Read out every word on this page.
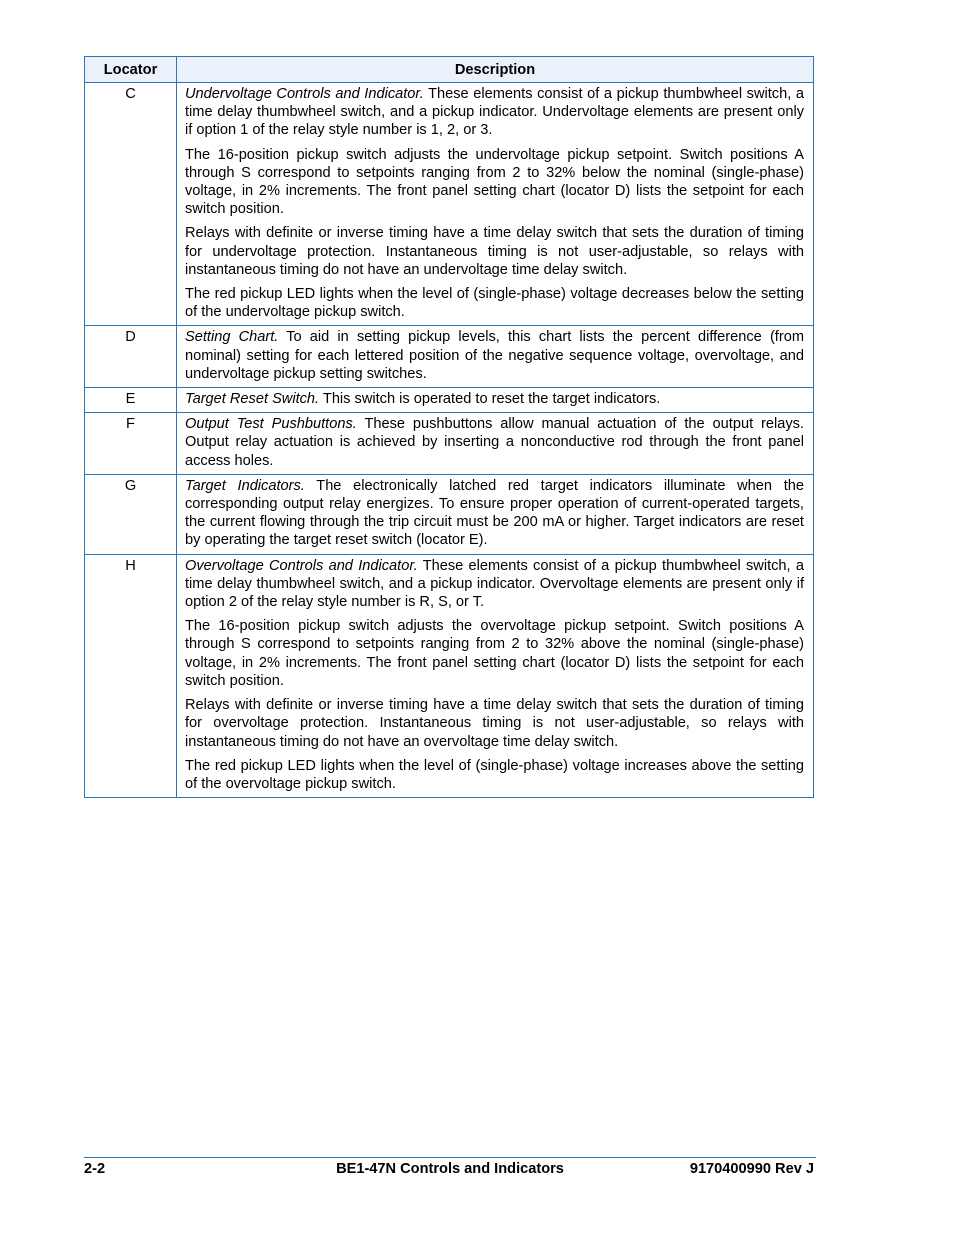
Locator	Description
C	Undervoltage Controls and Indicator. These elements consist of a pickup thumbwheel switch, a time delay thumbwheel switch, and a pickup indicator. Undervoltage elements are present only if option 1 of the relay style number is 1, 2, or 3.

The 16-position pickup switch adjusts the undervoltage pickup setpoint. Switch positions A through S correspond to setpoints ranging from 2 to 32% below the nominal (single-phase) voltage, in 2% increments. The front panel setting chart (locator D) lists the setpoint for each switch position.

Relays with definite or inverse timing have a time delay switch that sets the duration of timing for undervoltage protection. Instantaneous timing is not user-adjustable, so relays with instantaneous timing do not have an undervoltage time delay switch.

The red pickup LED lights when the level of (single-phase) voltage decreases below the setting of the undervoltage pickup switch.

D	Setting Chart. To aid in setting pickup levels, this chart lists the percent difference (from nominal) setting for each lettered position of the negative sequence voltage, overvoltage, and undervoltage pickup setting switches.

E	Target Reset Switch. This switch is operated to reset the target indicators.

F	Output Test Pushbuttons. These pushbuttons allow manual actuation of the output relays. Output relay actuation is achieved by inserting a nonconductive rod through the front panel access holes.

G	Target Indicators. The electronically latched red target indicators illuminate when the corresponding output relay energizes. To ensure proper operation of current-operated targets, the current flowing through the trip circuit must be 200 mA or higher. Target indicators are reset by operating the target reset switch (locator E).

H	Overvoltage Controls and Indicator. These elements consist of a pickup thumbwheel switch, a time delay thumbwheel switch, and a pickup indicator. Overvoltage elements are present only if option 2 of the relay style number is R, S, or T.

The 16-position pickup switch adjusts the overvoltage pickup setpoint. Switch positions A through S correspond to setpoints ranging from 2 to 32% above the nominal (single-phase) voltage, in 2% increments. The front panel setting chart (locator D) lists the setpoint for each switch position.

Relays with definite or inverse timing have a time delay switch that sets the duration of timing for overvoltage protection. Instantaneous timing is not user-adjustable, so relays with instantaneous timing do not have an overvoltage time delay switch.

The red pickup LED lights when the level of (single-phase) voltage increases above the setting of the overvoltage pickup switch.

2-2	BE1-47N Controls and Indicators	9170400990 Rev J
